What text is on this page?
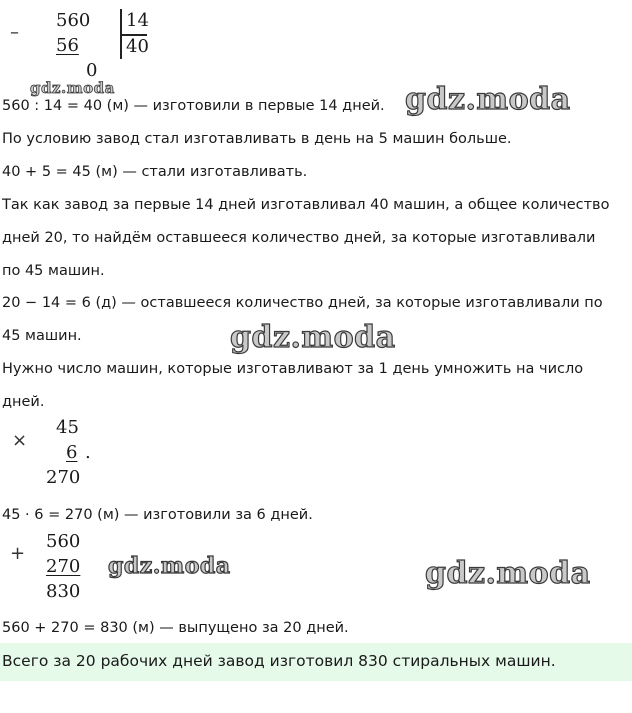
–
560
56
0
14
40
gdz.moda
560 : 14 = 40 (м) — изготовили в первые 14 дней. gdz.moda
По условию завод стал изготавливать в день на 5 машин больше.
40 + 5 = 45 (м) — стали изготавливать.
Так как завод за первые 14 дней изготавливал 40 машин, а общее количество
дней 20, то найдём оставшееся количество дней, за которые изготавливали
по 45 машин.
20 − 14 = 6 (д) — оставшееся количество дней, за которые изготавливали по
45 машин.	gdz.moda
Нужно число машин, которые изготавливают за 1 день умножить на число
дней.
×
45
6 .
270
45 · 6 = 270 (м) — изготовили за 6 дней.
+
560
270
830
gdz.moda	gdz.moda
560 + 270 = 830 (м) — выпущено за 20 дней.
Всего за 20 рабочих дней завод изготовил 830 стиральных машин.
